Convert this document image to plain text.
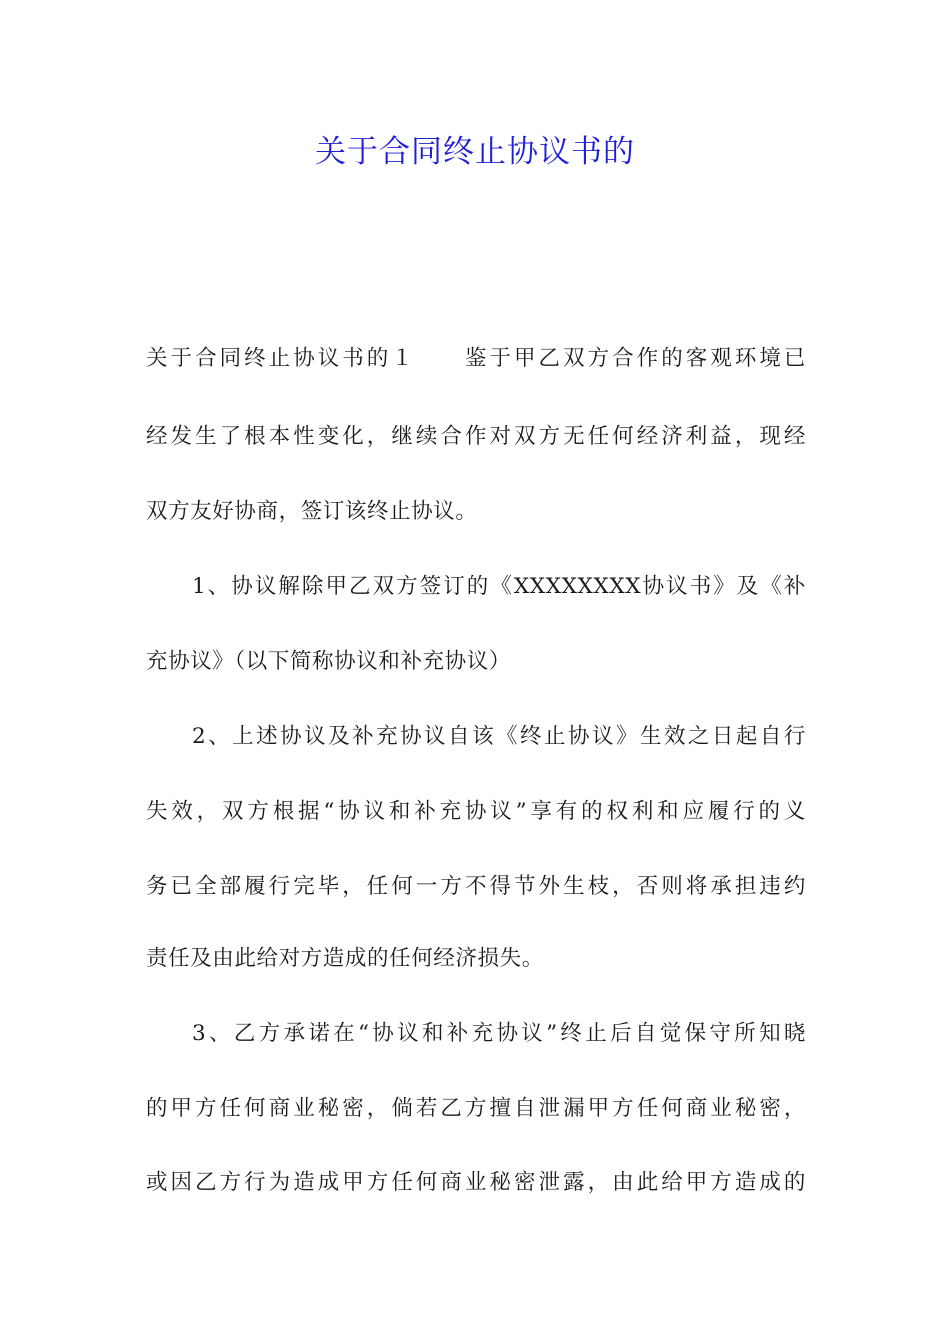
关于合同终止协议书的
关于合同终止协议书的１　　鉴于甲乙双方合作的客观环境已
经发生了根本性变化，继续合作对双方无任何经济利益，现经
双方友好协商，签订该终止协议。
1、协议解除甲乙双方签订的《XXXXXXXX协议书》及《补
充协议》（以下简称协议和补充协议）
2、上述协议及补充协议自该《终止协议》生效之日起自行
失效，双方根据“协议和补充协议”享有的权利和应履行的义
务已全部履行完毕，任何一方不得节外生枝，否则将承担违约
责任及由此给对方造成的任何经济损失。
3、乙方承诺在“协议和补充协议”终止后自觉保守所知晓
的甲方任何商业秘密，倘若乙方擅自泄漏甲方任何商业秘密，
或因乙方行为造成甲方任何商业秘密泄露，由此给甲方造成的
